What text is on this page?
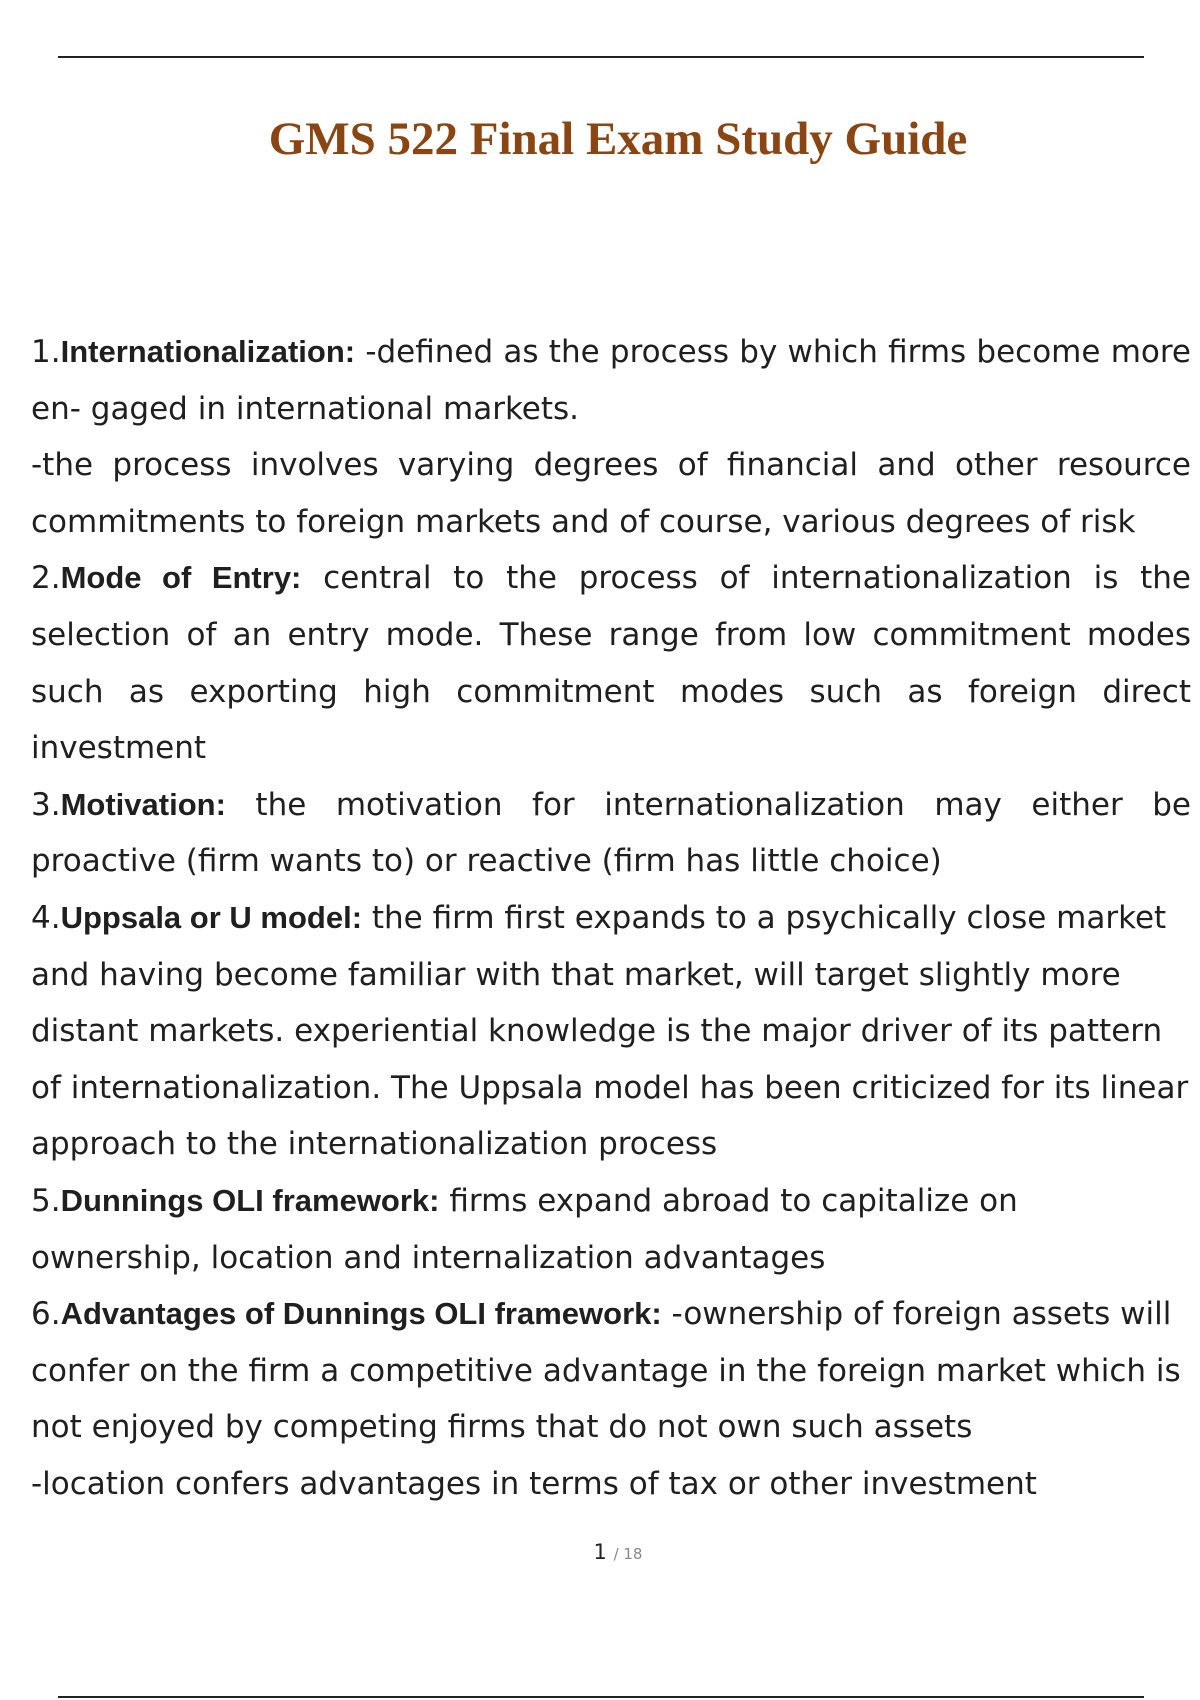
GMS 522 Final Exam Study Guide

1.Internationalization: -defined as the process by which firms become more en- gaged in international markets.

-the process involves varying degrees of financial and other resource commitments to foreign markets and of course, various degrees of risk

2.Mode of Entry: central to the process of internationalization is the selection of an entry mode. These range from low commitment modes such as exporting high commitment modes such as foreign direct investment

3.Motivation: the motivation for internationalization may either be proactive (firm wants to) or reactive (firm has little choice)

4.Uppsala or U model: the firm first expands to a psychically close market and having become familiar with that market, will target slightly more distant markets. experiential knowledge is the major driver of its pattern of internationalization. The Uppsala model has been criticized for its linear approach to the internationalization process

5.Dunnings OLI framework: firms expand abroad to capitalize on ownership, location and internalization advantages

6.Advantages of Dunnings OLI framework: -ownership of foreign assets will confer on the firm a competitive advantage in the foreign market which is not enjoyed by competing firms that do not own such assets

-location confers advantages in terms of tax or other investment

1 / 18
